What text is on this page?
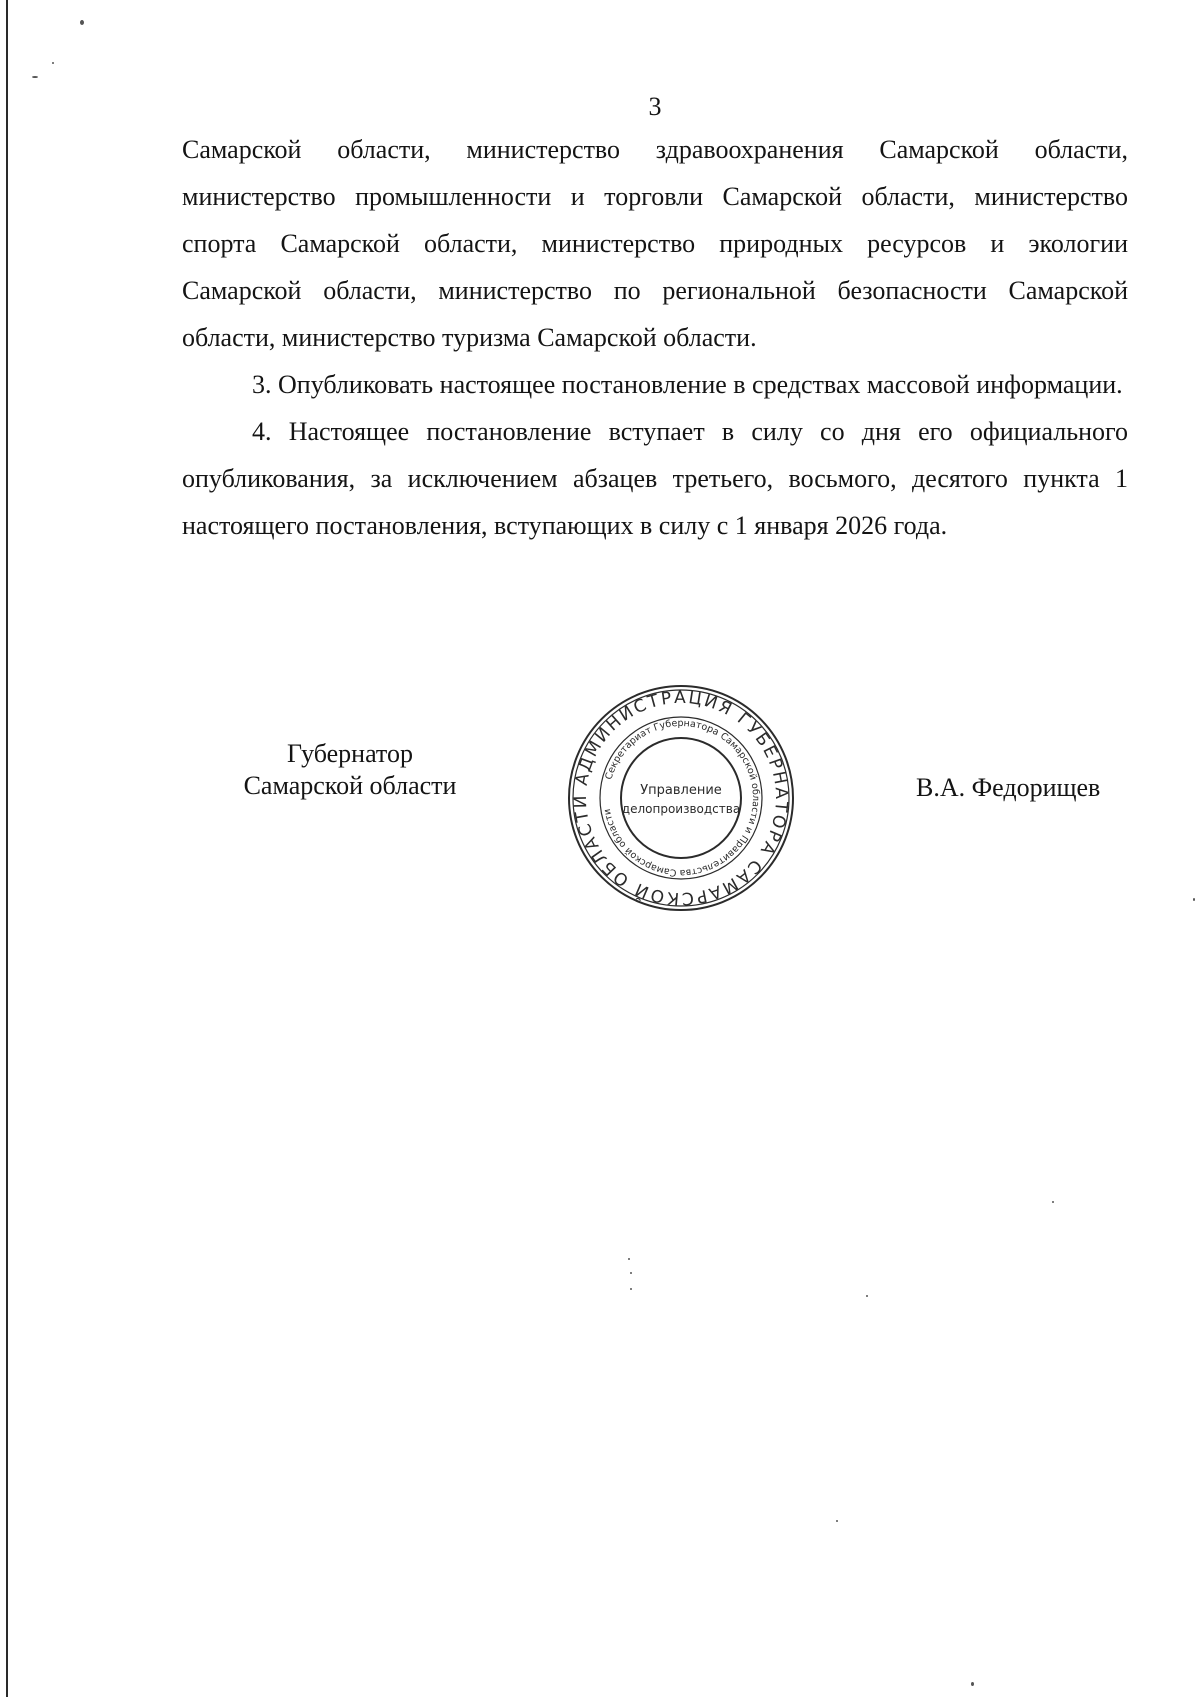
3

Самарской области, министерство здравоохранения Самарской области, министерство промышленности и торговли Самарской области, министерство спорта Самарской области, министерство природных ресурсов и экологии Самарской области, министерство по региональной безопасности Самарской области, министерство туризма Самарской области.

3. Опубликовать настоящее постановление в средствах массовой информации.

4. Настоящее постановление вступает в силу со дня его официального опубликования, за исключением абзацев третьего, восьмого, десятого пункта 1 настоящего постановления, вступающих в силу с 1 января 2026 года.

Губернатор
Самарской области	В.А. Федорищев
АДМИНИСТРАЦИЯ ГУБЕРНАТОРА САМАРСКОЙ ОБЛАСТИ
Секретариат Губернатора Самарской области и Правительства Самарской области
Управление
делопроизводства
